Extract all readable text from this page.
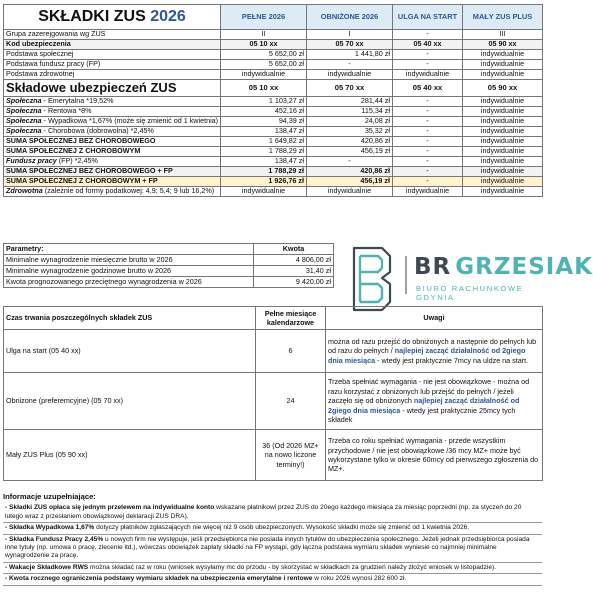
SKŁADKI ZUS 2026	PEŁNE 2026	OBNIŻONE 2026	ULGA NA START	MAŁY ZUS PLUS
Grupa zazerejgowania wg ZUS	II	I	-	III
Kod ubezpieczenia	05 10 xx	05 70 xx	05 40 xx	05 90 xx
Podstawa społecznej	5 652,00 zł	1 441,80 zł	-	indywidualnie
Podstawa fundusz pracy (FP)	5 652,00 zł	-	-	indywidualnie
Podstawa zdrowotnej	indywidualnie	indywidualnie	indywidualnie	indywidualnie
Składowe ubezpieczeń ZUS	05 10 xx	05 70 xx	05 40 xx	05 90 xx
Społeczna - Emerytalna *19,52%	1 103,27 zł	281,44 zł	-	indywidualnie
Społeczna - Rentowa *8%	452,16 zł	115,34 zł	-	indywidualnie
Społeczna - Wypadkowa *1,67% (może się zmienić od 1 kwietnia)	94,39 zł	24,08 zł	-	indywidualnie
Społeczna - Chorobowa (dobrowolna) *2,45%	138,47 zł	35,32 zł	-	indywidualnie
SUMA SPOŁECZNEJ BEZ CHOROBOWEGO	1 649,82 zł	420,86 zł	-	indywidualnie
SUMA SPOŁECZNEJ Z CHOROBOWYM	1 788,29 zł	456,19 zł	-	indywidualnie
Fundusz pracy (FP) *2,45%	138,47 zł	-	-	indywidualnie
SUMA SPOŁECZNEJ BEZ CHOROBOWEGO + FP	1 788,29 zł	420,86 zł	-	indywidualnie
SUMA SPOŁECZNEJ Z CHOROBOWYM + FP	1 926,76 zł	456,19 zł	-	indywidualnie
Zdrowotna (zależnie od formy podatkowej: 4,9; 5,4; 9 lub 16,2%)	indywidualnie	indywidualnie	indywidualnie	indywidualnie
Parametry:	Kwota
Minimalne wynagrodzenie miesięczne brutto w 2026	4 806,00 zł
Minimalne wynagrodzenie godzinowe brutto w 2026	31,40 zł
Kwota prognozowanego przeciętnego wynagrodzenia w 2026	9 420,00 zł
BR GRZESIAK
BIURO RACHUNKOWE GDYNIA
Czas trwania poszczególnych składek ZUS	Pełne miesiące kalendarzowe	Uwagi
Ulga na start (05 40 xx)	6	można od razu przejść do obniżonych a następnie do pełnych lub od razu do pełnych / najlepiej zacząć działalność od 2giego dnia miesiąca - wtedy jest praktycznie 7mcy na uldze na start.
Obnizone (preferemcyjne) (05 70 xx)	24	Trzeba spełniać wymagania - nie jest obowiązkowe - można od razu korzystać z obniżonych lub przejść do pełnych / jeżeli zaczęło się od obniżonych najlepiej zacząć działalność od 2giego dnia miesiąca - wtedy jest praktycznie 25mcy tych składek
Mały ZUS Plus (05 90 xx)	36 (Od 2026 MZ+ na nowo liczone terminy!)	Trzeba co roku spełniać wymagania - przede wszystkim przychodowe / nie jest obowiązkowe /36 mcy MZ+ może być wykorzystane tylko w okresie 60mcy od pierwszego zgłoszenia do MZ+.
Informacje uzupełniające:
- Składki ZUS opłaca się jednym przelewem na indywidualne konto wskazane płatnikowi przez ZUS do 20ego każdego miesiąca za miesiąc poprzedni (np. za styczeń do 20 lutego wraz z przesłaniem obowiązkowej deklaracji ZUS DRA).
- Składka Wypadkowa 1,67% dotyczy płatników zgłaszających nie więcej niż 9 osób ubezpieczonych. Wysokość składki może się zmienić od 1 kwietnia 2026.
- Składka Fundusz Pracy 2,45% u nowych firm nie występuje, jeśli przedsiębiorca nie posiada innych tytułów do ubezpieczenia społecznego. Jeżeli jednak przedsiębiorca posiada inne tytuły (np. umowa o pracę, zlecenie itd.), wówczas obowiązek zapłaty składki na FP wystąpi, gdy łączna podstawa wymiaru składek wyniesie co najmniej minimalne wynagrodzenie za pracę.
- Wakacje Składkowe RWS można składać raz w roku (wniosek wysyłamy mc do przodu - by skorzystać w składkach za grudzień należy złożyć wniosek w listopadzie).
- Kwota rocznego ograniczenia podstawy wymiaru składek na ubezpieczenia emerytalne i rentowe w roku 2026 wynosi 282 600 zł.
